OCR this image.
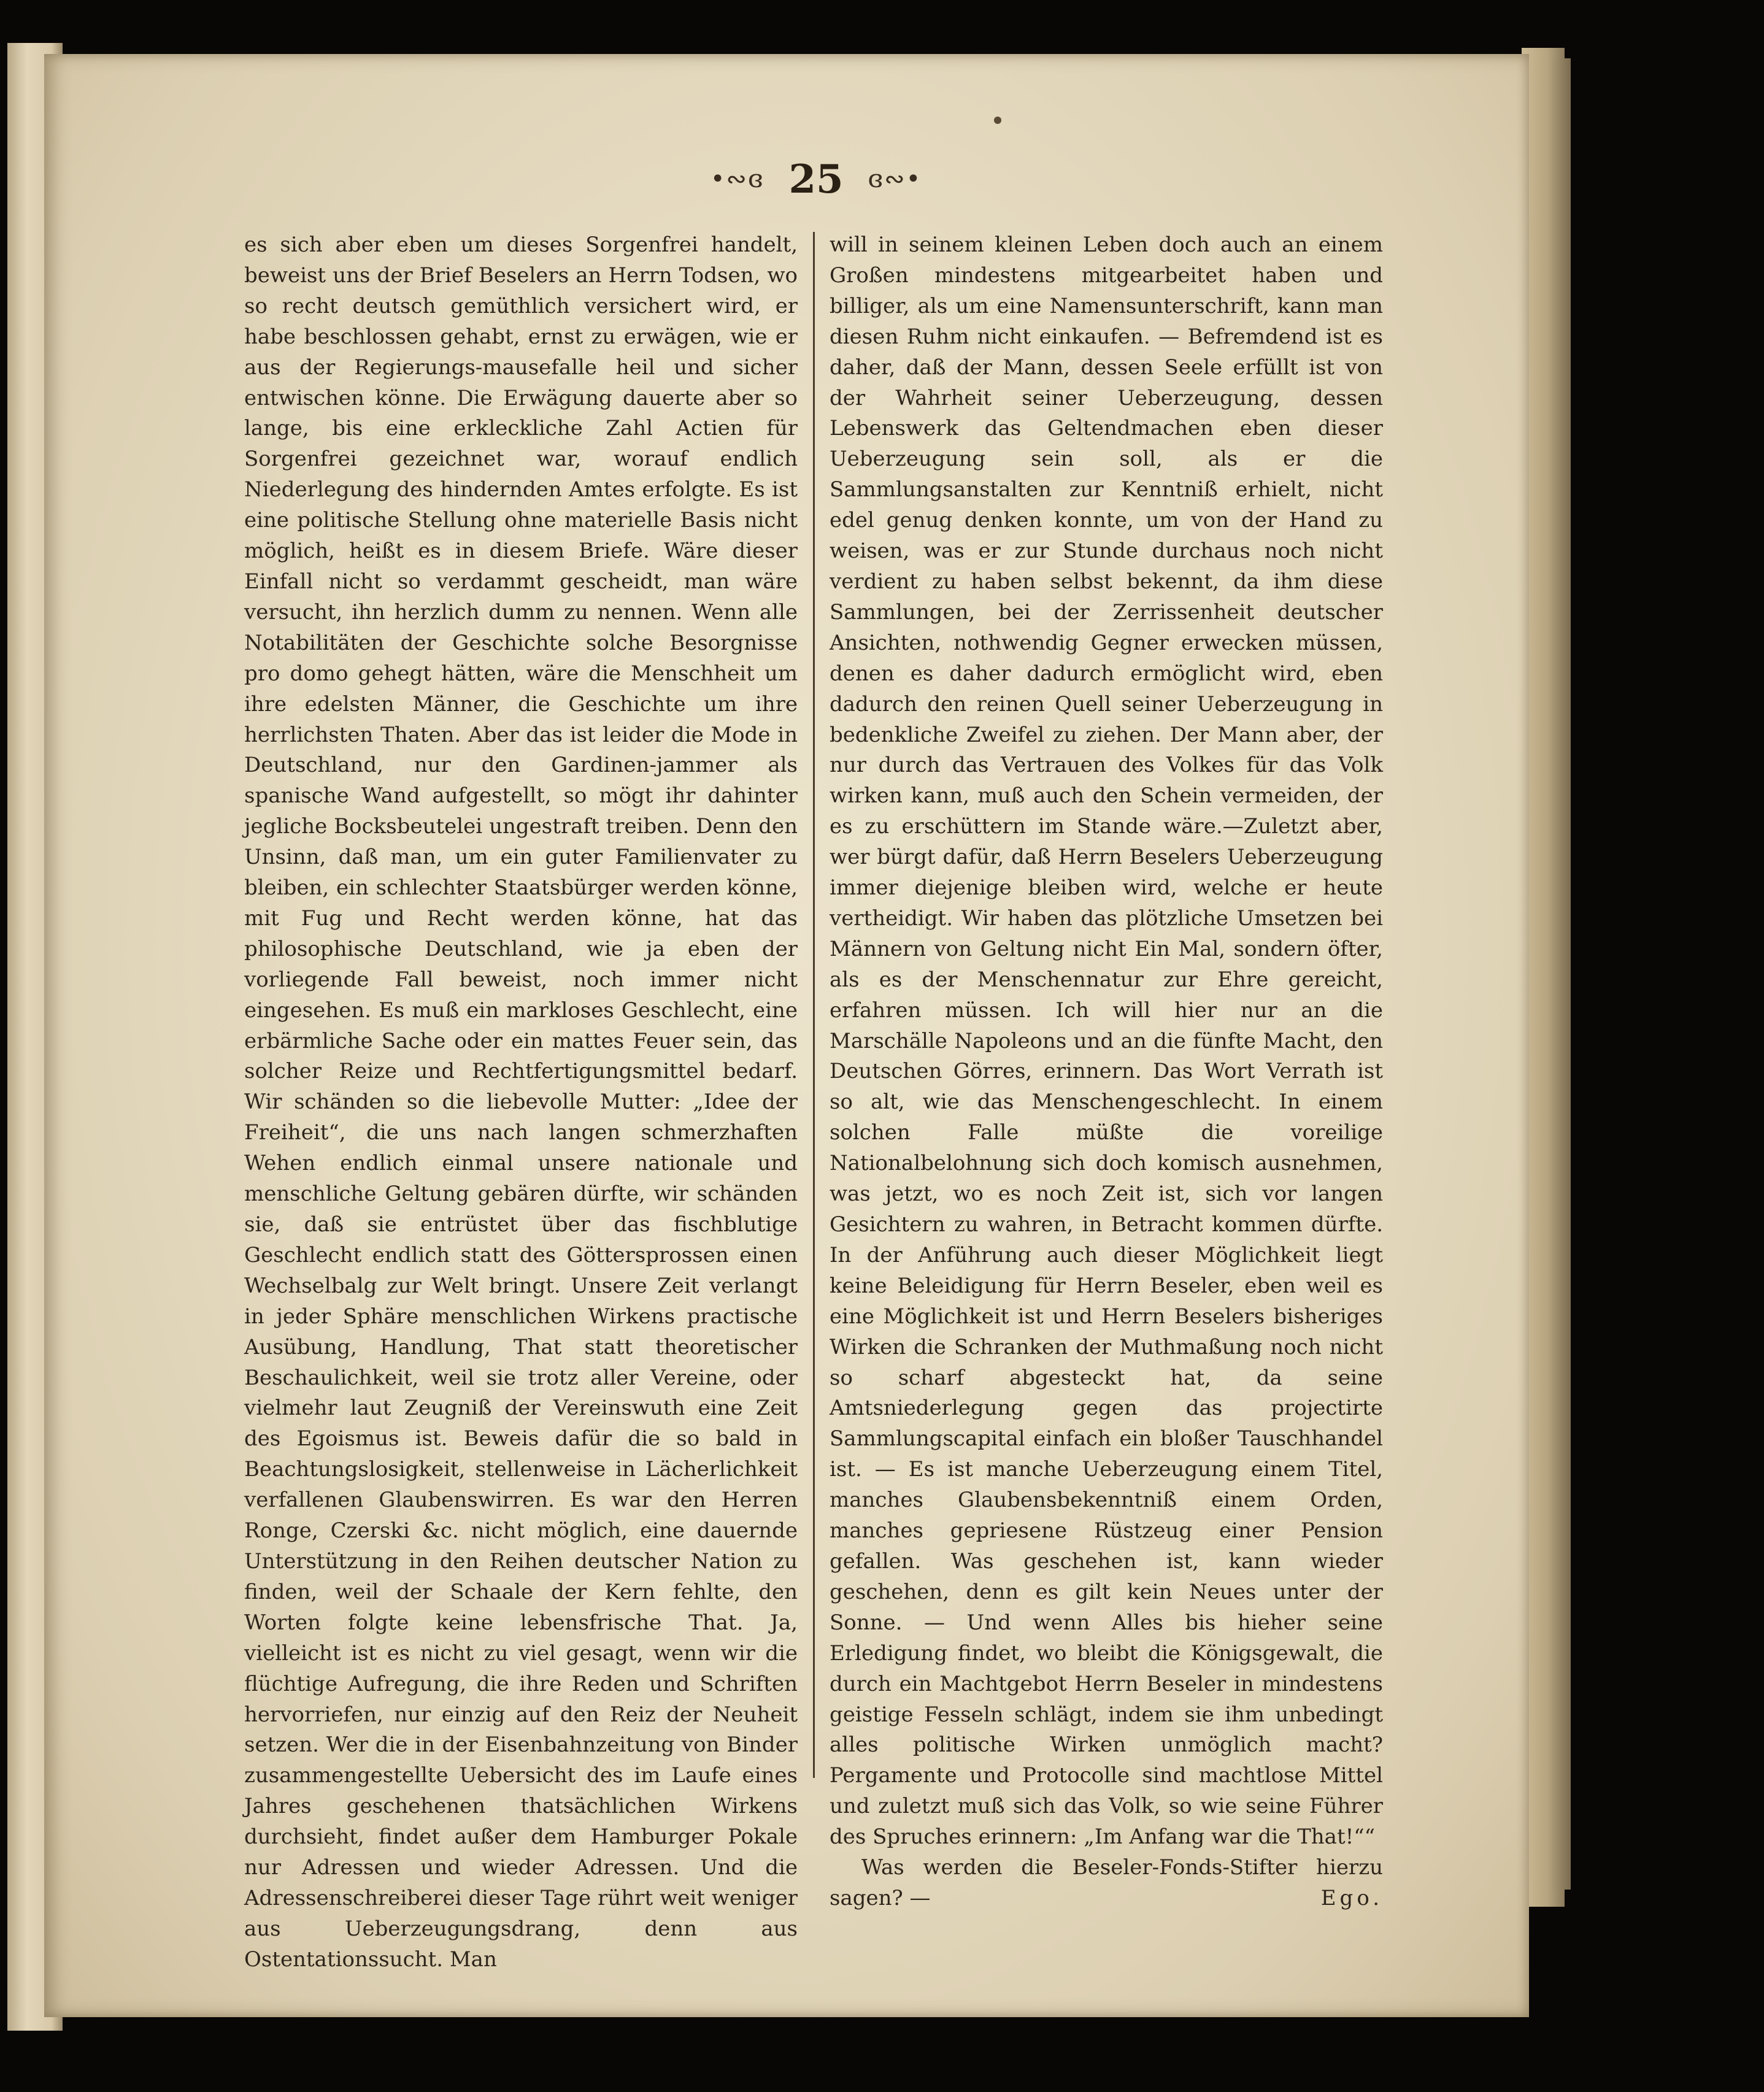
•∾ɞ 25 ɞ∾•

es sich aber eben um dieses Sorgenfrei handelt, beweist uns der Brief Beselers an Herrn Todsen, wo so recht deutsch gemüthlich versichert wird, er habe beschlossen gehabt, ernst zu erwägen, wie er aus der Regierungs-mausefalle heil und sicher entwischen könne. Die Erwägung dauerte aber so lange, bis eine erkleckliche Zahl Actien für Sorgenfrei gezeichnet war, worauf endlich Niederlegung des hindernden Amtes erfolgte. Es ist eine politische Stellung ohne materielle Basis nicht möglich, heißt es in diesem Briefe. Wäre dieser Einfall nicht so verdammt gescheidt, man wäre versucht, ihn herzlich dumm zu nennen. Wenn alle Notabilitäten der Geschichte solche Besorgnisse pro domo gehegt hätten, wäre die Menschheit um ihre edelsten Männer, die Geschichte um ihre herrlichsten Thaten. Aber das ist leider die Mode in Deutschland, nur den Gardinen-jammer als spanische Wand aufgestellt, so mögt ihr dahinter jegliche Bocksbeutelei ungestraft treiben. Denn den Unsinn, daß man, um ein guter Familienvater zu bleiben, ein schlechter Staatsbürger werden könne, mit Fug und Recht werden könne, hat das philosophische Deutschland, wie ja eben der vorliegende Fall beweist, noch immer nicht eingesehen. Es muß ein markloses Geschlecht, eine erbärmliche Sache oder ein mattes Feuer sein, das solcher Reize und Rechtfertigungsmittel bedarf. Wir schänden so die liebevolle Mutter: „Idee der Freiheit“, die uns nach langen schmerzhaften Wehen endlich einmal unsere nationale und menschliche Geltung gebären dürfte, wir schänden sie, daß sie entrüstet über das fischblutige Geschlecht endlich statt des Göttersprossen einen Wechselbalg zur Welt bringt. Unsere Zeit verlangt in jeder Sphäre menschlichen Wirkens practische Ausübung, Handlung, That statt theoretischer Beschaulichkeit, weil sie trotz aller Vereine, oder vielmehr laut Zeugniß der Vereinswuth eine Zeit des Egoismus ist. Beweis dafür die so bald in Beachtungslosigkeit, stellenweise in Lächerlichkeit verfallenen Glaubenswirren. Es war den Herren Ronge, Czerski &c. nicht möglich, eine dauernde Unterstützung in den Reihen deutscher Nation zu finden, weil der Schaale der Kern fehlte, den Worten folgte keine lebensfrische That. Ja, vielleicht ist es nicht zu viel gesagt, wenn wir die flüchtige Aufregung, die ihre Reden und Schriften hervorriefen, nur einzig auf den Reiz der Neuheit setzen. Wer die in der Eisenbahnzeitung von Binder zusammengestellte Uebersicht des im Laufe eines Jahres geschehenen thatsächlichen Wirkens durchsieht, findet außer dem Hamburger Pokale nur Adressen und wieder Adressen. Und die Adressenschreiberei dieser Tage rührt weit weniger aus Ueberzeugungsdrang, denn aus Ostentationssucht. Man

will in seinem kleinen Leben doch auch an einem Großen mindestens mitgearbeitet haben und billiger, als um eine Namensunterschrift, kann man diesen Ruhm nicht einkaufen. — Befremdend ist es daher, daß der Mann, dessen Seele erfüllt ist von der Wahrheit seiner Ueberzeugung, dessen Lebenswerk das Geltendmachen eben dieser Ueberzeugung sein soll, als er die Sammlungsanstalten zur Kenntniß erhielt, nicht edel genug denken konnte, um von der Hand zu weisen, was er zur Stunde durchaus noch nicht verdient zu haben selbst bekennt, da ihm diese Sammlungen, bei der Zerrissenheit deutscher Ansichten, nothwendig Gegner erwecken müssen, denen es daher dadurch ermöglicht wird, eben dadurch den reinen Quell seiner Ueberzeugung in bedenkliche Zweifel zu ziehen. Der Mann aber, der nur durch das Vertrauen des Volkes für das Volk wirken kann, muß auch den Schein vermeiden, der es zu erschüttern im Stande wäre.—Zuletzt aber, wer bürgt dafür, daß Herrn Beselers Ueberzeugung immer diejenige bleiben wird, welche er heute vertheidigt. Wir haben das plötzliche Umsetzen bei Männern von Geltung nicht Ein Mal, sondern öfter, als es der Menschennatur zur Ehre gereicht, erfahren müssen. Ich will hier nur an die Marschälle Napoleons und an die fünfte Macht, den Deutschen Görres, erinnern. Das Wort Verrath ist so alt, wie das Menschengeschlecht. In einem solchen Falle müßte die voreilige Nationalbelohnung sich doch komisch ausnehmen, was jetzt, wo es noch Zeit ist, sich vor langen Gesichtern zu wahren, in Betracht kommen dürfte. In der Anführung auch dieser Möglichkeit liegt keine Beleidigung für Herrn Beseler, eben weil es eine Möglichkeit ist und Herrn Beselers bisheriges Wirken die Schranken der Muthmaßung noch nicht so scharf abgesteckt hat, da seine Amtsniederlegung gegen das projectirte Sammlungscapital einfach ein bloßer Tauschhandel ist. — Es ist manche Ueberzeugung einem Titel, manches Glaubensbekenntniß einem Orden, manches gepriesene Rüstzeug einer Pension gefallen. Was geschehen ist, kann wieder geschehen, denn es gilt kein Neues unter der Sonne. — Und wenn Alles bis hieher seine Erledigung findet, wo bleibt die Königsgewalt, die durch ein Machtgebot Herrn Beseler in mindestens geistige Fesseln schlägt, indem sie ihm unbedingt alles politische Wirken unmöglich macht? Pergamente und Protocolle sind machtlose Mittel und zuletzt muß sich das Volk, so wie seine Führer des Spruches erinnern: „Im Anfang war die That!““

Was werden die Beseler-Fonds-Stifter hierzu sagen? —	Ego.
